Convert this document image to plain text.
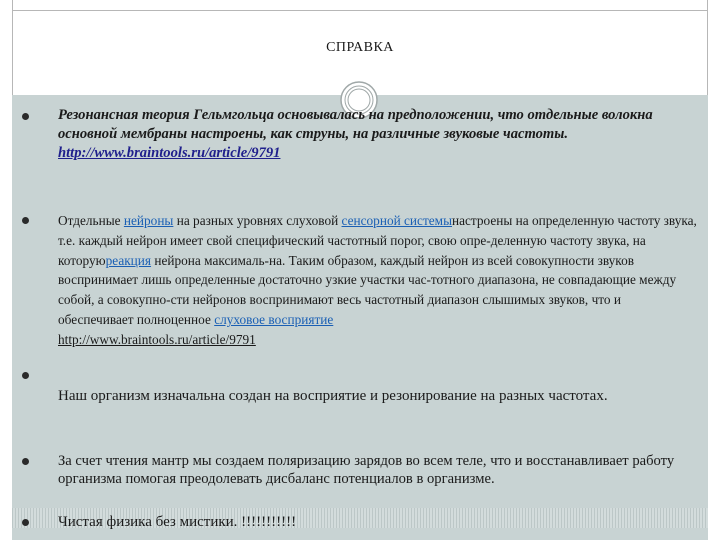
СПРАВКА
Резонансная теория Гельмгольца основывалась на предположении, что отдельные волокна основной мембраны настроены, как струны, на различные звуковые частоты.
http://www.braintools.ru/article/9791
Отдельные нейроны на разных уровнях слуховой сенсорной системынастроены на определенную частоту звука, т.е. каждый нейрон имеет свой специфический частотный порог, свою опре-деленную частоту звука, на которуюреакция нейрона максималь-на. Таким образом, каждый нейрон из всей совокупности звуков воспринимает лишь определенные достаточно узкие участки час-тотного диапазона, не совпадающие между собой, а совокупно-сти нейронов воспринимают весь частотный диапазон слышимых звуков, что и обеспечивает полноценное слуховое восприятие
http://www.braintools.ru/article/9791
Наш организм изначальна создан на восприятие и резонирование на разных частотах.
За счет чтения мантр мы создаем поляризацию зарядов во всем теле, что и восстанавливает работу организма помогая преодолевать дисбаланс потенциалов в организме.
Чистая физика без мистики. !!!!!!!!!!!
